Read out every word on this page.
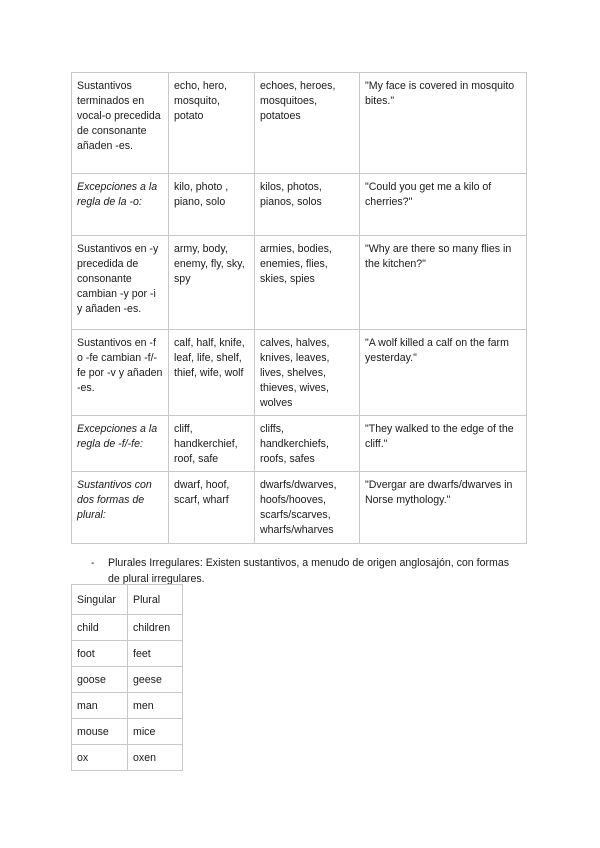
Sustantivos terminados en vocal-o precedida de consonante añaden -es.	echo, hero, mosquito, potato	echoes, heroes, mosquitoes, potatoes	"My face is covered in mosquito bites."
Excepciones a la regla de la -o:	kilo, photo , piano, solo	kilos, photos, pianos, solos	"Could you get me a kilo of cherries?"
Sustantivos en -y precedida de consonante cambian -y por -i y añaden -es.	army, body, enemy, fly, sky, spy	armies, bodies, enemies, flies, skies, spies	"Why are there so many flies in the kitchen?"
Sustantivos en -f o -fe cambian -f/-fe por -v y añaden -es.	calf, half, knife, leaf, life, shelf, thief, wife, wolf	calves, halves, knives, leaves, lives, shelves, thieves, wives, wolves	"A wolf killed a calf on the farm yesterday."
Excepciones a la regla de -f/-fe:	cliff, handkerchief, roof, safe	cliffs, handkerchiefs, roofs, safes	"They walked to the edge of the cliff."
Sustantivos con dos formas de plural:	dwarf, hoof, scarf, wharf	dwarfs/dwarves, hoofs/hooves, scarfs/scarves, wharfs/wharves	"Dvergar are dwarfs/dwarves in Norse mythology."
- Plurales Irregulares: Existen sustantivos, a menudo de origen anglosajón, con formas de plural irregulares.
Singular	Plural
child	children
foot	feet
goose	geese
man	men
mouse	mice
ox	oxen
